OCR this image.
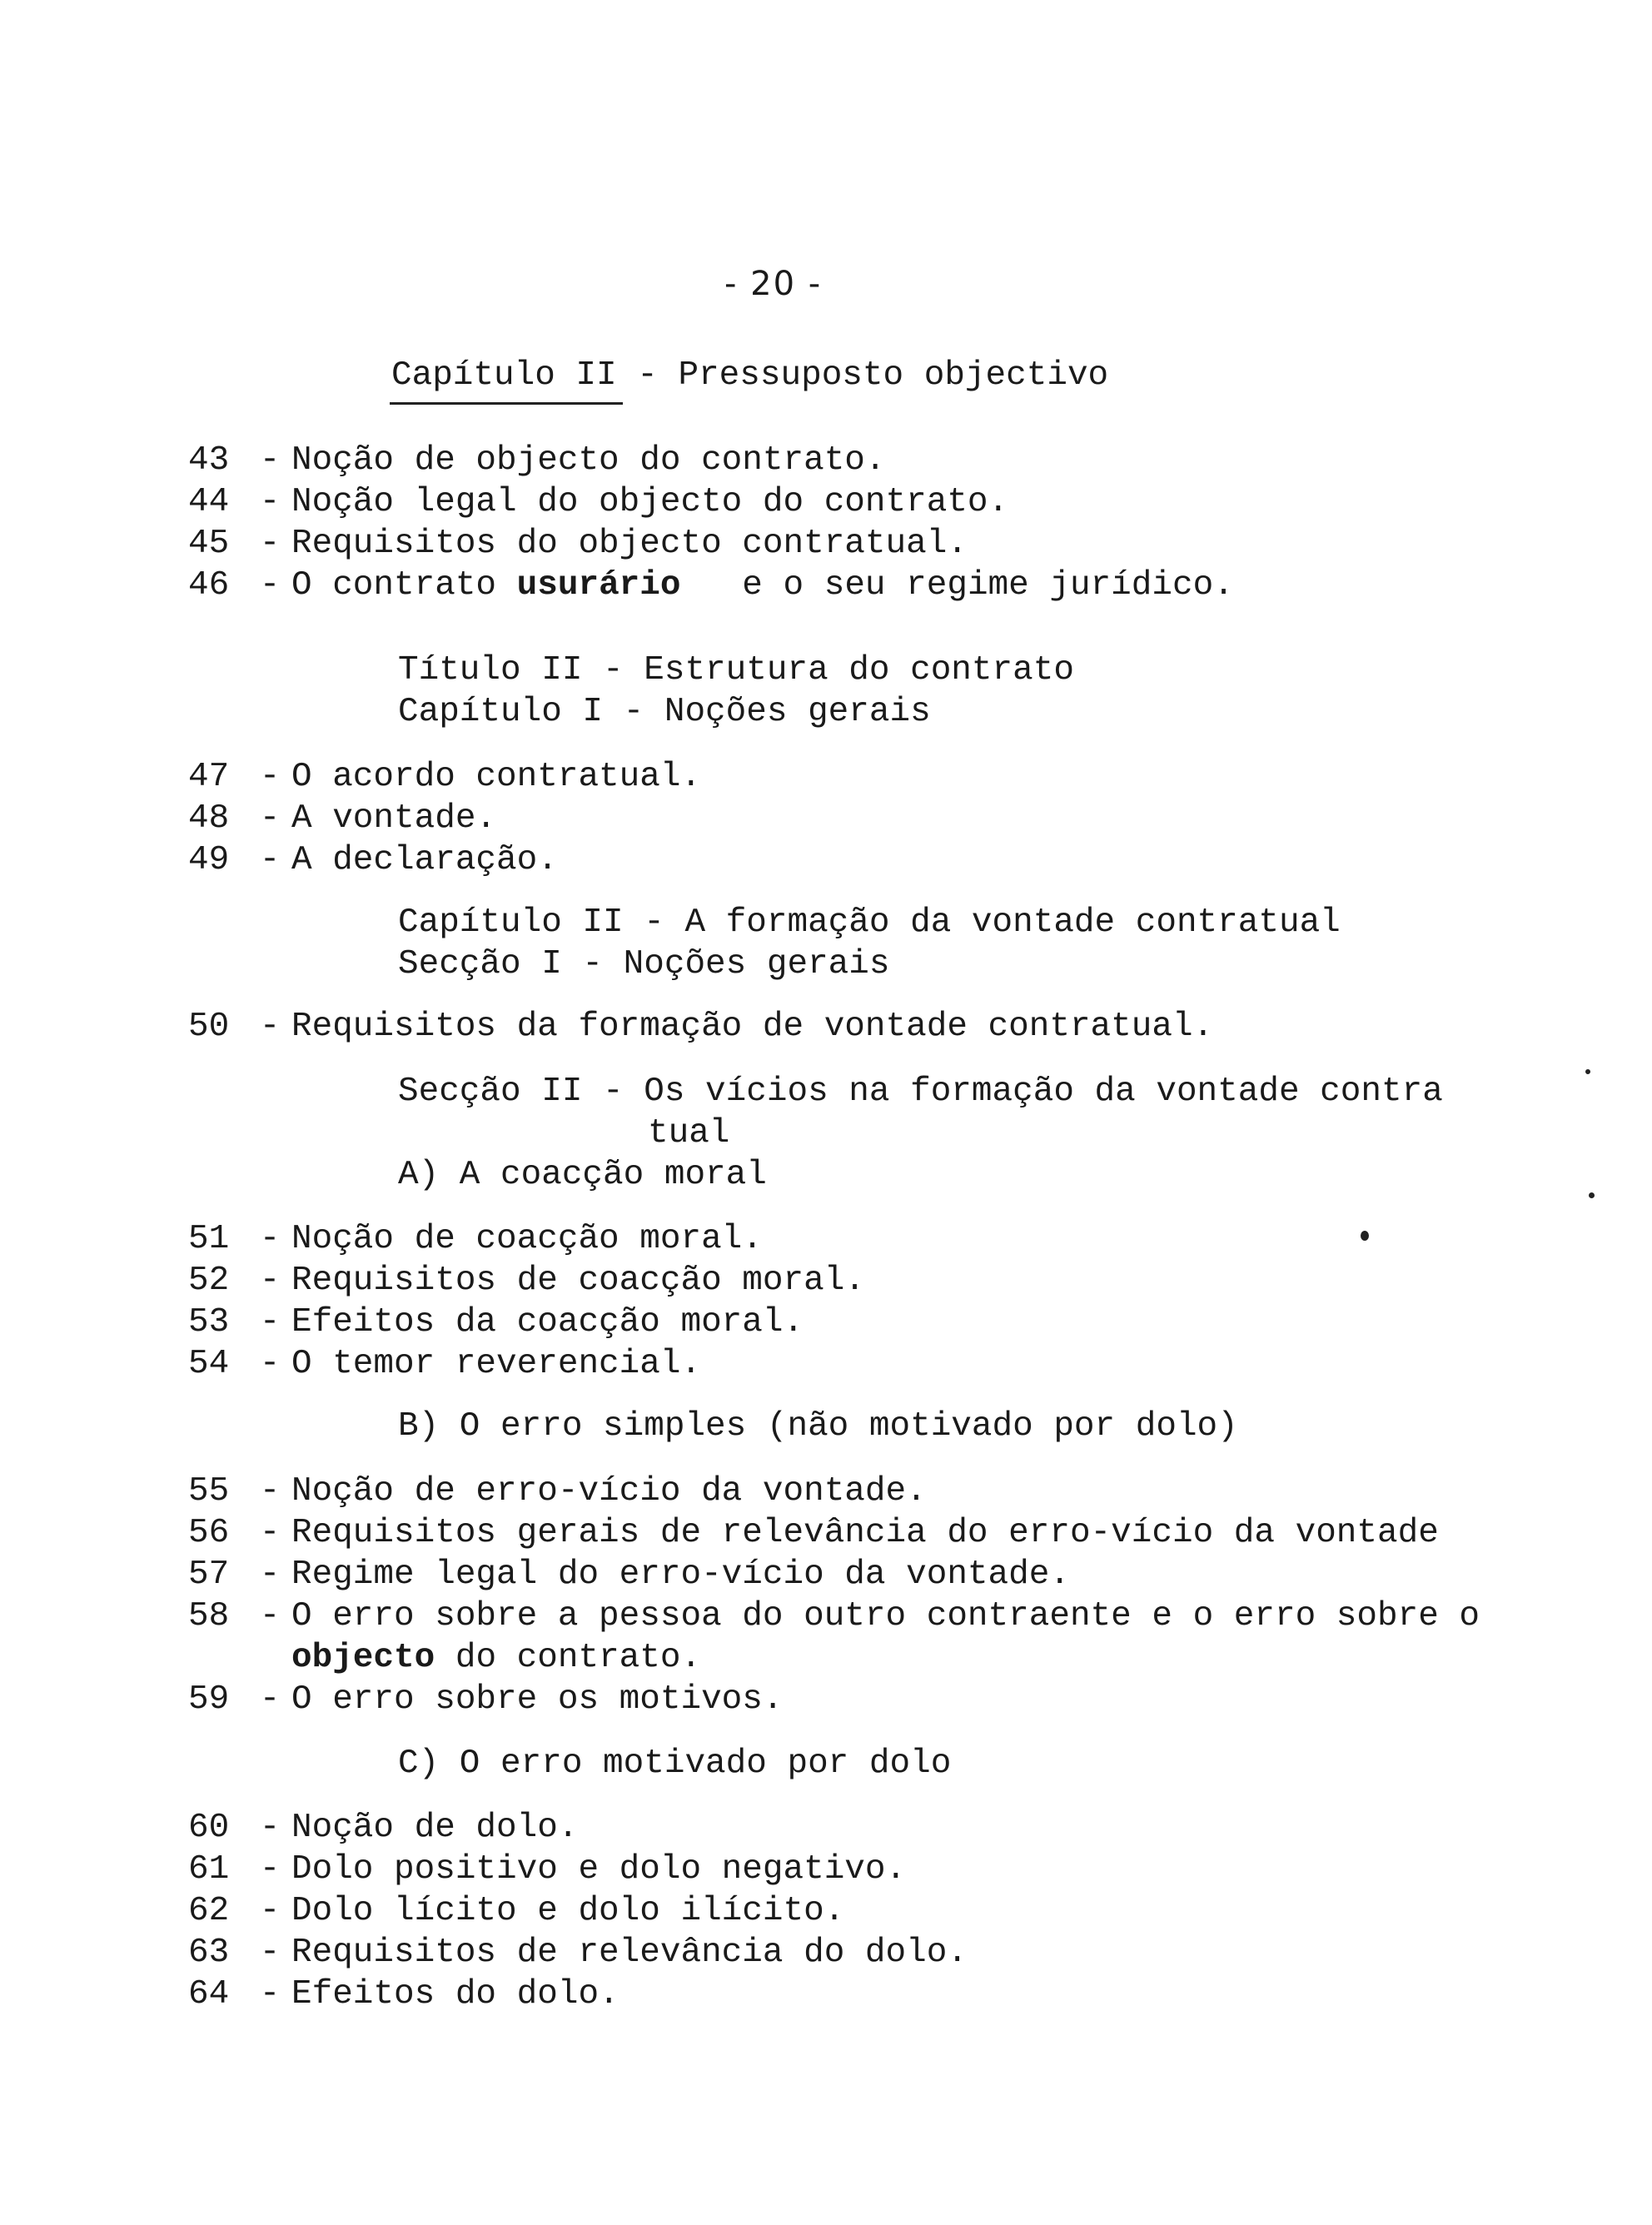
- 20 -
Capítulo II - Pressuposto objectivo
43 - Noção de objecto do contrato.
44 - Noção legal do objecto do contrato.
45 - Requisitos do objecto contratual.
46 - O contrato usurário   e o seu regime jurídico.
Título II - Estrutura do contrato
Capítulo I - Noções gerais
47 - O acordo contratual.
48 - A vontade.
49 - A declaração.
Capítulo II - A formação da vontade contratual
Secção I - Noções gerais
50 - Requisitos da formação de vontade contratual.
Secção II - Os vícios na formação da vontade contra
tual
A) A coacção moral
51 - Noção de coacção moral.
52 - Requisitos de coacção moral.
53 - Efeitos da coacção moral.
54 - O temor reverencial.
B) O erro simples (não motivado por dolo)
55 - Noção de erro-vício da vontade.
56 - Requisitos gerais de relevância do erro-vício da vontade
57 - Regime legal do erro-vício da vontade.
58 - O erro sobre a pessoa do outro contraente e o erro sobre o
objecto do contrato.
59 - O erro sobre os motivos.
C) O erro motivado por dolo
60 - Noção de dolo.
61 - Dolo positivo e dolo negativo.
62 - Dolo lícito e dolo ilícito.
63 - Requisitos de relevância do dolo.
64 - Efeitos do dolo.
